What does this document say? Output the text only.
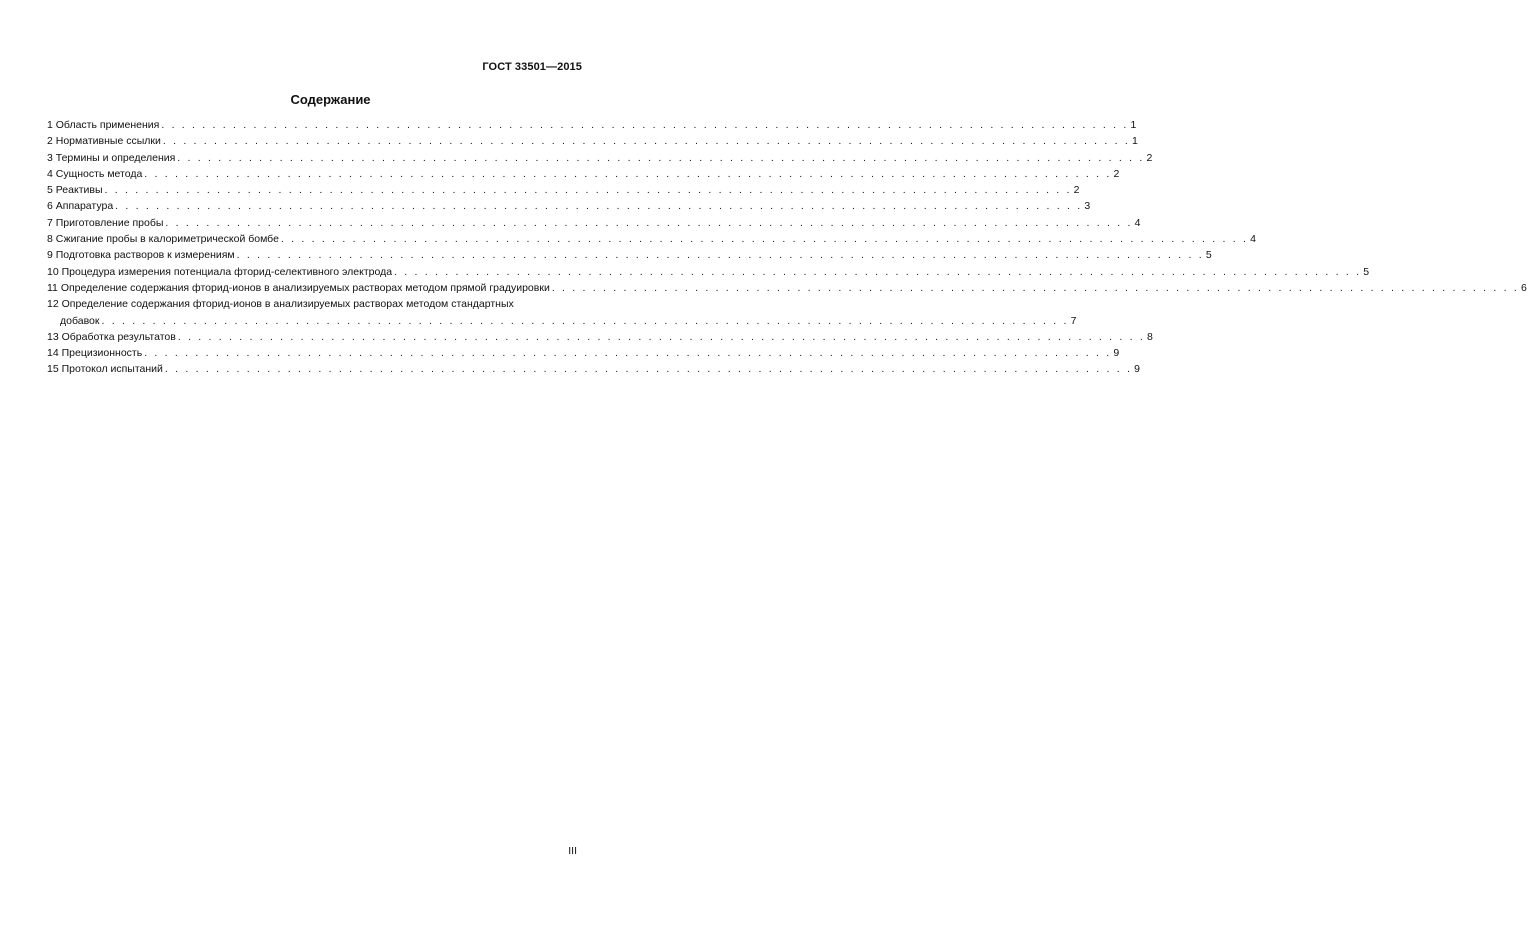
ГОСТ 33501—2015
Содержание
1 Область применения . . . . . . . . . . . . . . . . . . . . . . . . . . . . . . . . . . . . . . . . . . . . . . . . . . . . . . . . . . . . . . . . . . . . . . . . . . . . . . . . . . . . . . . . . . . . . . . 1
2 Нормативные ссылки . . . . . . . . . . . . . . . . . . . . . . . . . . . . . . . . . . . . . . . . . . . . . . . . . . . . . . . . . . . . . . . . . . . . . . . . . . . . . . . . . . . . . . . . . . . . . . . 1
3 Термины и определения . . . . . . . . . . . . . . . . . . . . . . . . . . . . . . . . . . . . . . . . . . . . . . . . . . . . . . . . . . . . . . . . . . . . . . . . . . . . . . . . . . . . . . . . . . . . . . . 2
4 Сущность метода . . . . . . . . . . . . . . . . . . . . . . . . . . . . . . . . . . . . . . . . . . . . . . . . . . . . . . . . . . . . . . . . . . . . . . . . . . . . . . . . . . . . . . . . . . . . . . . 2
5 Реактивы . . . . . . . . . . . . . . . . . . . . . . . . . . . . . . . . . . . . . . . . . . . . . . . . . . . . . . . . . . . . . . . . . . . . . . . . . . . . . . . . . . . . . . . . . . . . . . . 2
6 Аппаратура . . . . . . . . . . . . . . . . . . . . . . . . . . . . . . . . . . . . . . . . . . . . . . . . . . . . . . . . . . . . . . . . . . . . . . . . . . . . . . . . . . . . . . . . . . . . . . . 3
7 Приготовление пробы . . . . . . . . . . . . . . . . . . . . . . . . . . . . . . . . . . . . . . . . . . . . . . . . . . . . . . . . . . . . . . . . . . . . . . . . . . . . . . . . . . . . . . . . . . . . . . . 4
8 Сжигание пробы в калориметрической бомбе . . . . . . . . . . . . . . . . . . . . . . . . . . . . . . . . . . . . . . . . . . . . . . . . . . . . . . . . . . . . . . . . . . . . . . . . . . . . . . . . . . . . . . . . . . . . . . . 4
9 Подготовка растворов к измерениям . . . . . . . . . . . . . . . . . . . . . . . . . . . . . . . . . . . . . . . . . . . . . . . . . . . . . . . . . . . . . . . . . . . . . . . . . . . . . . . . . . . . . . . . . . . . . . . 5
10 Процедура измерения потенциала фторид-селективного электрода . . . . . . . . . . . . . . . . . . . . . . . . . . . . . . . . . . . . . . . . . . . . . . . . . . . . . . . . . . . . . . . . . . . . . . . . . . . . . . . . . . . . . . . . . . . . . . . 5
11 Определение содержания фторид-ионов в анализируемых растворах методом прямой градуировки . . . . . . . . . . . . . . . . . . . . . . . . . . . . . . . . . . . . . . . . . . . . . . . . . . . . . . . . . . . . . . . . . . . . . . . . . . . . . . . . . . . . . . . . . . . . . . . 6
12 Определение содержания фторид-ионов в анализируемых растворах методом стандартных
добавок . . . . . . . . . . . . . . . . . . . . . . . . . . . . . . . . . . . . . . . . . . . . . . . . . . . . . . . . . . . . . . . . . . . . . . . . . . . . . . . . . . . . . . . . . . . . . . . 7
13 Обработка результатов . . . . . . . . . . . . . . . . . . . . . . . . . . . . . . . . . . . . . . . . . . . . . . . . . . . . . . . . . . . . . . . . . . . . . . . . . . . . . . . . . . . . . . . . . . . . . . . 8
14 Прецизионность . . . . . . . . . . . . . . . . . . . . . . . . . . . . . . . . . . . . . . . . . . . . . . . . . . . . . . . . . . . . . . . . . . . . . . . . . . . . . . . . . . . . . . . . . . . . . . . 9
15 Протокол испытаний . . . . . . . . . . . . . . . . . . . . . . . . . . . . . . . . . . . . . . . . . . . . . . . . . . . . . . . . . . . . . . . . . . . . . . . . . . . . . . . . . . . . . . . . . . . . . . . 9
III
